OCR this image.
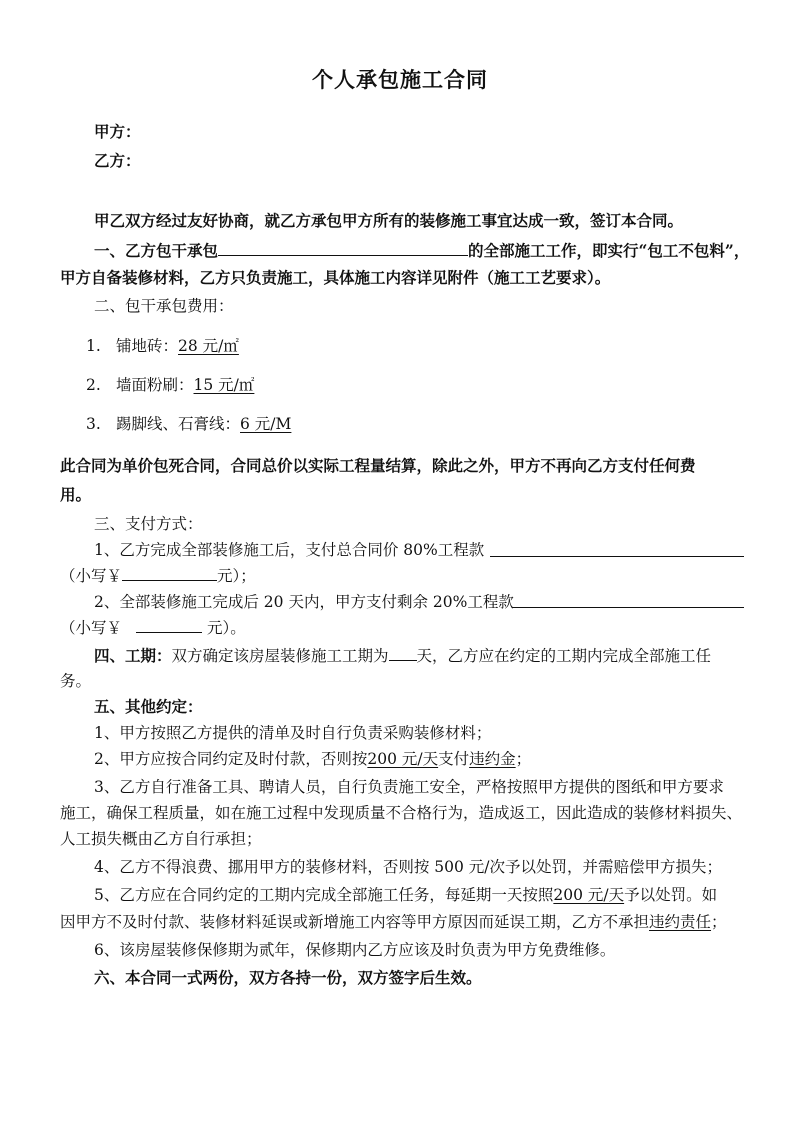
个人承包施工合同
甲方：
乙方：
甲乙双方经过友好协商，就乙方承包甲方所有的装修施工事宜达成一致，签订本合同。
一、乙方包干承包	的全部施工工作，即实行“包工不包料”，
甲方自备装修材料，乙方只负责施工，具体施工内容详见附件（施工工艺要求）。
二、包干承包费用：
1. 铺地砖：28 元/㎡
2. 墙面粉刷：15 元/㎡
3. 踢脚线、石膏线：6 元/M
此合同为单价包死合同，合同总价以实际工程量结算，除此之外，甲方不再向乙方支付任何费
用。
三、支付方式：
1、乙方完成全部装修施工后，支付总合同价 80%工程款
（小写￥	元）；
2、全部装修施工完成后 20 天内，甲方支付剩余 20%工程款
（小写￥	元）。
四、工期：双方确定该房屋装修施工工期为 天，乙方应在约定的工期内完成全部施工任
务。
五、其他约定：
1、甲方按照乙方提供的清单及时自行负责采购装修材料；
2、甲方应按合同约定及时付款，否则按200 元/天支付违约金；
3、乙方自行准备工具、聘请人员，自行负责施工安全，严格按照甲方提供的图纸和甲方要求
施工，确保工程质量，如在施工过程中发现质量不合格行为，造成返工，因此造成的装修材料损失、
人工损失概由乙方自行承担；
4、乙方不得浪费、挪用甲方的装修材料，否则按 500 元/次予以处罚，并需赔偿甲方损失；
5、乙方应在合同约定的工期内完成全部施工任务，每延期一天按照200 元/天予以处罚。如
因甲方不及时付款、装修材料延误或新增施工内容等甲方原因而延误工期，乙方不承担违约责任；
6、该房屋装修保修期为贰年，保修期内乙方应该及时负责为甲方免费维修。
六、本合同一式两份，双方各持一份，双方签字后生效。
